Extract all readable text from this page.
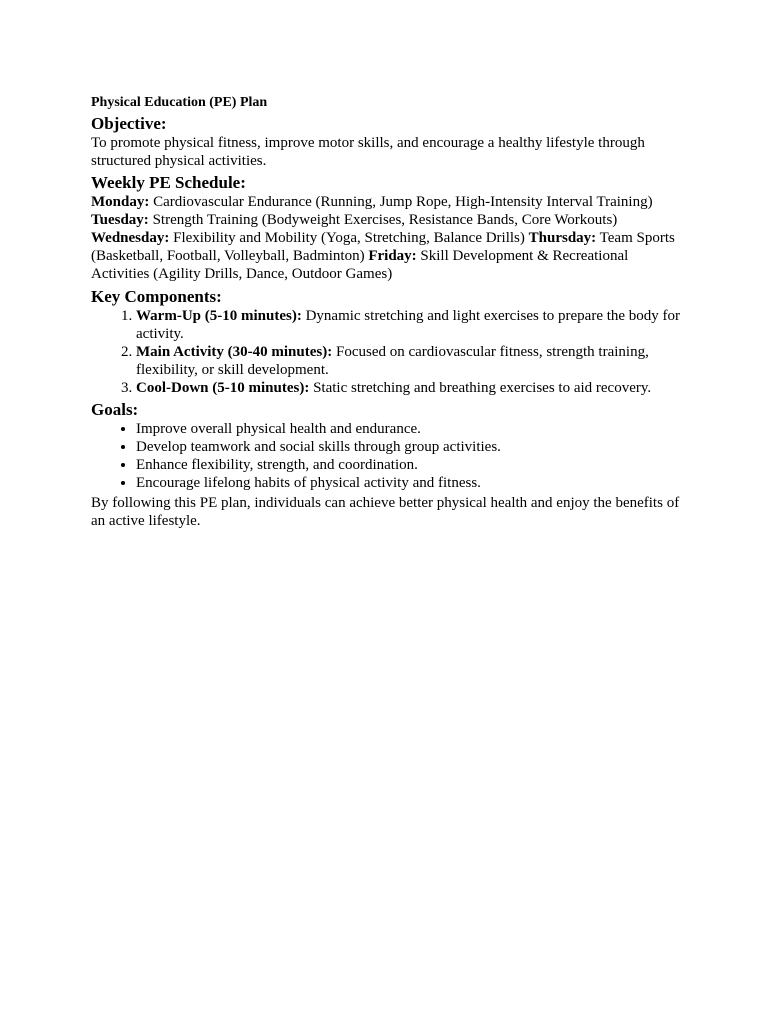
Physical Education (PE) Plan
Objective:

To promote physical fitness, improve motor skills, and encourage a healthy lifestyle through structured physical activities.

Weekly PE Schedule:

Monday: Cardiovascular Endurance (Running, Jump Rope, High-Intensity Interval Training)
Tuesday: Strength Training (Bodyweight Exercises, Resistance Bands, Core Workouts)
Wednesday: Flexibility and Mobility (Yoga, Stretching, Balance Drills) Thursday: Team Sports (Basketball, Football, Volleyball, Badminton) Friday: Skill Development & Recreational Activities (Agility Drills, Dance, Outdoor Games)

Key Components:
1. Warm-Up (5-10 minutes): Dynamic stretching and light exercises to prepare the body for activity.
2. Main Activity (30-40 minutes): Focused on cardiovascular fitness, strength training, flexibility, or skill development.
3. Cool-Down (5-10 minutes): Static stretching and breathing exercises to aid recovery.
Goals:
• Improve overall physical health and endurance.
• Develop teamwork and social skills through group activities.
• Enhance flexibility, strength, and coordination.
• Encourage lifelong habits of physical activity and fitness.

By following this PE plan, individuals can achieve better physical health and enjoy the benefits of an active lifestyle.
